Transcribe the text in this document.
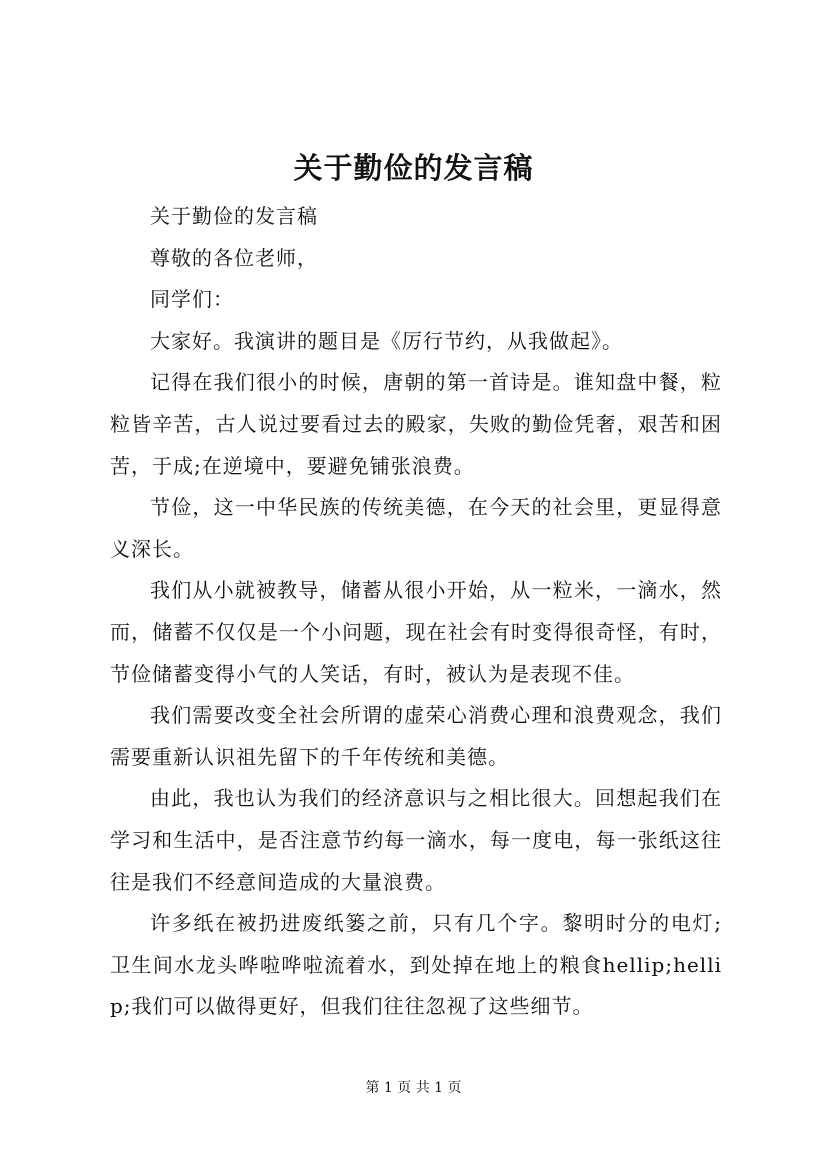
关于勤俭的发言稿

关于勤俭的发言稿

尊敬的各位老师，

同学们：

大家好。我演讲的题目是《厉行节约，从我做起》。

记得在我们很小的时候，唐朝的第一首诗是。谁知盘中餐，粒粒皆辛苦，古人说过要看过去的殿家，失败的勤俭凭奢，艰苦和困苦，于成;在逆境中，要避免铺张浪费。

节俭，这一中华民族的传统美德，在今天的社会里，更显得意义深长。

我们从小就被教导，储蓄从很小开始，从一粒米，一滴水，然而，储蓄不仅仅是一个小问题，现在社会有时变得很奇怪，有时，节俭储蓄变得小气的人笑话，有时，被认为是表现不佳。

我们需要改变全社会所谓的虚荣心消费心理和浪费观念，我们需要重新认识祖先留下的千年传统和美德。

由此，我也认为我们的经济意识与之相比很大。回想起我们在学习和生活中，是否注意节约每一滴水，每一度电，每一张纸这往往是我们不经意间造成的大量浪费。

许多纸在被扔进废纸篓之前，只有几个字。黎明时分的电灯;卫生间水龙头哗啦哗啦流着水，到处掉在地上的粮食hellip;hellip;我们可以做得更好，但我们往往忽视了这些细节。

第 1 页 共 1 页
